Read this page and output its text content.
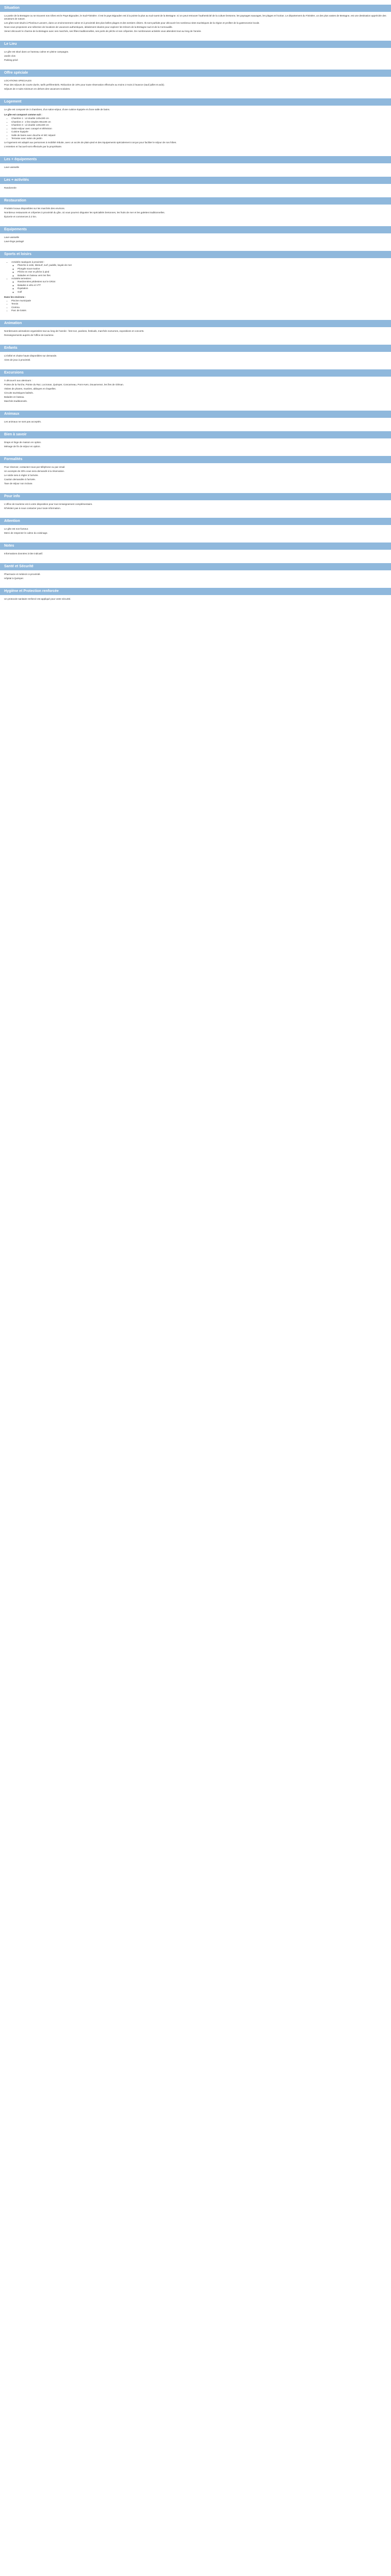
Situation

La partie de la Bretagne ou se trouvent nos Gîtes est le Pays Bigouden, le Sud-Finistère. C'est le pays Bigouden est à la pointe la plus au sud-ouest de la Bretagne. Ici on peut retrouver l'authenticité de la culture bretonne, les paysages sauvages, les plages et l'océan. Le département du Finistère, un des plus vastes de Bretagne, est une destination appréciée des amateurs de nature.

Les gîtes sont situés à Plonéour-Lanvern, dans un environnement calme et à proximité des plus belles plages et des sentiers côtiers. Ils sont parfaits pour découvrir les nombreux sites touristiques de la région et profiter de la gastronomie locale.

Nous vous proposons une sélection de locations de vacances authentiques, idéalement situées pour explorer les trésors de la Bretagne sud et de la Cornouaille.

Venez découvrir le charme de la Bretagne avec ses marchés, ses fêtes traditionnelles, ses ports de pêche et ses crêperies. De nombreuses activités vous attendent tout au long de l'année.

Le Lieu

Le gîte est situé dans un hameau calme en pleine campagne.

Jardin clos

Parking privé

Offre spéciale

LOCATIONS SPECIALES

Pour des séjours de courte durée, tarifs préférentiels. Réduction de 10% pour toute réservation effectuée au moins 2 mois à l'avance (sauf juillet et août).

Séjours de 3 nuits minimum en dehors des vacances scolaires.

Logement

Le gîte est composé de 3 chambres, d'un salon-séjour, d'une cuisine équipée et d'une salle de bains.

Le gîte est composé comme suit :

• Chambre 1 : Lit double 140x190 cm
• Chambre 2 : 2 lits simples 90x190 cm
• Chambre 3 : Lit double 140x190 cm
• Salon-séjour avec canapé et télévision
• Cuisine équipée
• Salle de bains avec douche et WC séparé
• Terrasse avec salon de jardin

Le logement est adapté aux personnes à mobilité réduite, avec un accès de plain-pied et des équipements spécialement conçus pour faciliter le séjour de nos hôtes.

L'entretien et l'accueil sont effectués par la propriétaire.

Les + équipements

Lave-vaisselle

Les + activités

Randonnée

Restauration

Produits locaux disponibles sur les marchés des environs.

Nombreux restaurants et crêperies à proximité du gîte, où vous pourrez déguster les spécialités bretonnes, les fruits de mer et les galettes traditionnelles.

Épicerie et commerces à 2 km.

Equipements

Lave-vaisselle

Lave-linge partagé

Sports et loisirs
• Activités nautiques à proximité :
◦ Planche à voile, kitesurf, surf, paddle, kayak de mer
◦ Plongée sous-marine
◦ Pêche en mer et pêche à pied
◦ Balades en bateau vers les îles
• Activités terrestres :
◦ Randonnées pédestres sur le GR34
◦ Balades à vélo et VTT
◦ Équitation
◦ Golf

Dans les environs :

• Piscine municipale
• Tennis
• Cinéma
• Parc de loisirs
Animation

Nombreuses animations organisées tout au long de l'année : fest-noz, pardons, festivals, marchés nocturnes, expositions et concerts.

Renseignements auprès de l'office de tourisme.

Enfants

Lit bébé et chaise haute disponibles sur demande.

Aires de jeux à proximité.

Excursions

À découvrir aux alentours :

Pointe de la Torche, Pointe du Raz, Locronan, Quimper, Concarneau, Pont-Aven, Douarnenez, les îles de Glénan.

Visites de phares, musées, abbayes et chapelles.

Circuits touristiques balisés.

Balades en bateau.

Marchés traditionnels.

Animaux

Les animaux ne sont pas acceptés.

Bien à savoir

Draps et linge de maison en option.

Ménage de fin de séjour en option.

Formalités

Pour réserver, contactez-nous par téléphone ou par email.

Un acompte de 30% vous sera demandé à la réservation.

Le solde sera à régler à l'arrivée.

Caution demandée à l'arrivée.

Taxe de séjour non incluse.

Pour info

L'office de tourisme est à votre disposition pour tout renseignement complémentaire.

N'hésitez pas à nous contacter pour toute information.

Attention

Le gîte est non-fumeur.

Merci de respecter le calme du voisinage.

Notes

Informations données à titre indicatif.

Santé et Sécurité

Pharmacie et médecin à proximité.

Hôpital à Quimper.

Hygiène et Protection renforcée

Un protocole sanitaire renforcé est appliqué pour votre sécurité.
